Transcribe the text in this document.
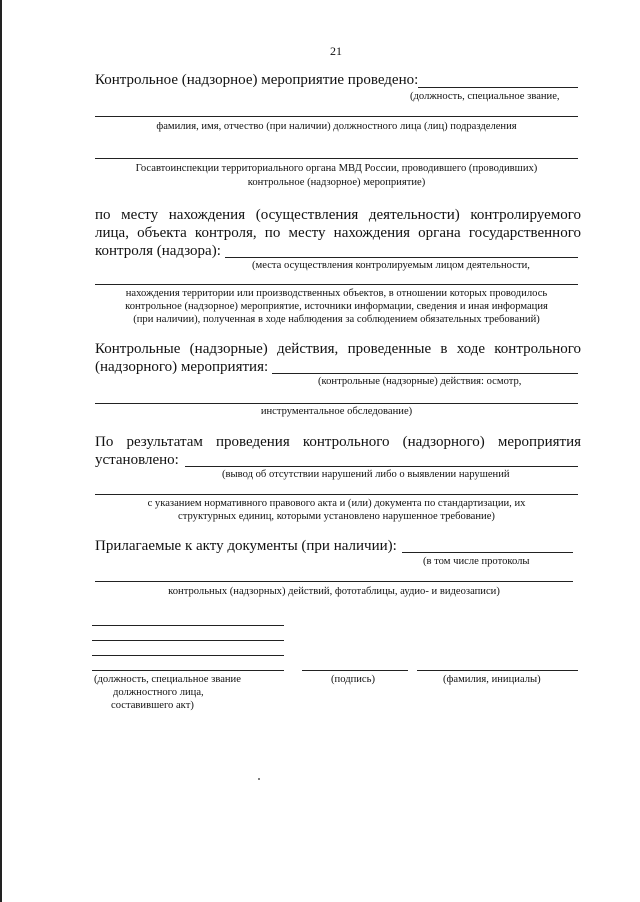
21
Контрольное (надзорное) мероприятие проведено:
(должность, специальное звание,
фамилия, имя, отчество (при наличии) должностного лица (лиц) подразделения
Госавтоинспекции территориального органа МВД России, проводившего (проводивших)
контрольное (надзорное) мероприятие)
по месту нахождения (осуществления деятельности) контролируемого
лица, объекта контроля, по месту нахождения органа государственного
контроля (надзора):
(места осуществления контролируемым лицом деятельности,
нахождения территории или производственных объектов, в отношении которых проводилось
контрольное (надзорное) мероприятие, источники информации, сведения и иная информация
(при наличии), полученная в ходе наблюдения за соблюдением обязательных требований)
Контрольные (надзорные) действия, проведенные в ходе контрольного
(надзорного) мероприятия:
(контрольные (надзорные) действия: осмотр,
инструментальное обследование)
По результатам проведения контрольного (надзорного) мероприятия
установлено:
(вывод об отсутствии нарушений либо о выявлении нарушений
с указанием нормативного правового акта и (или) документа по стандартизации, их
структурных единиц, которыми установлено нарушенное требование)
Прилагаемые к акту документы (при наличии):
(в том числе протоколы
контрольных (надзорных) действий, фототаблицы, аудио- и видеозаписи)
(должность, специальное звание
должностного лица,
составившего акт)
(подпись)	(фамилия, инициалы)
